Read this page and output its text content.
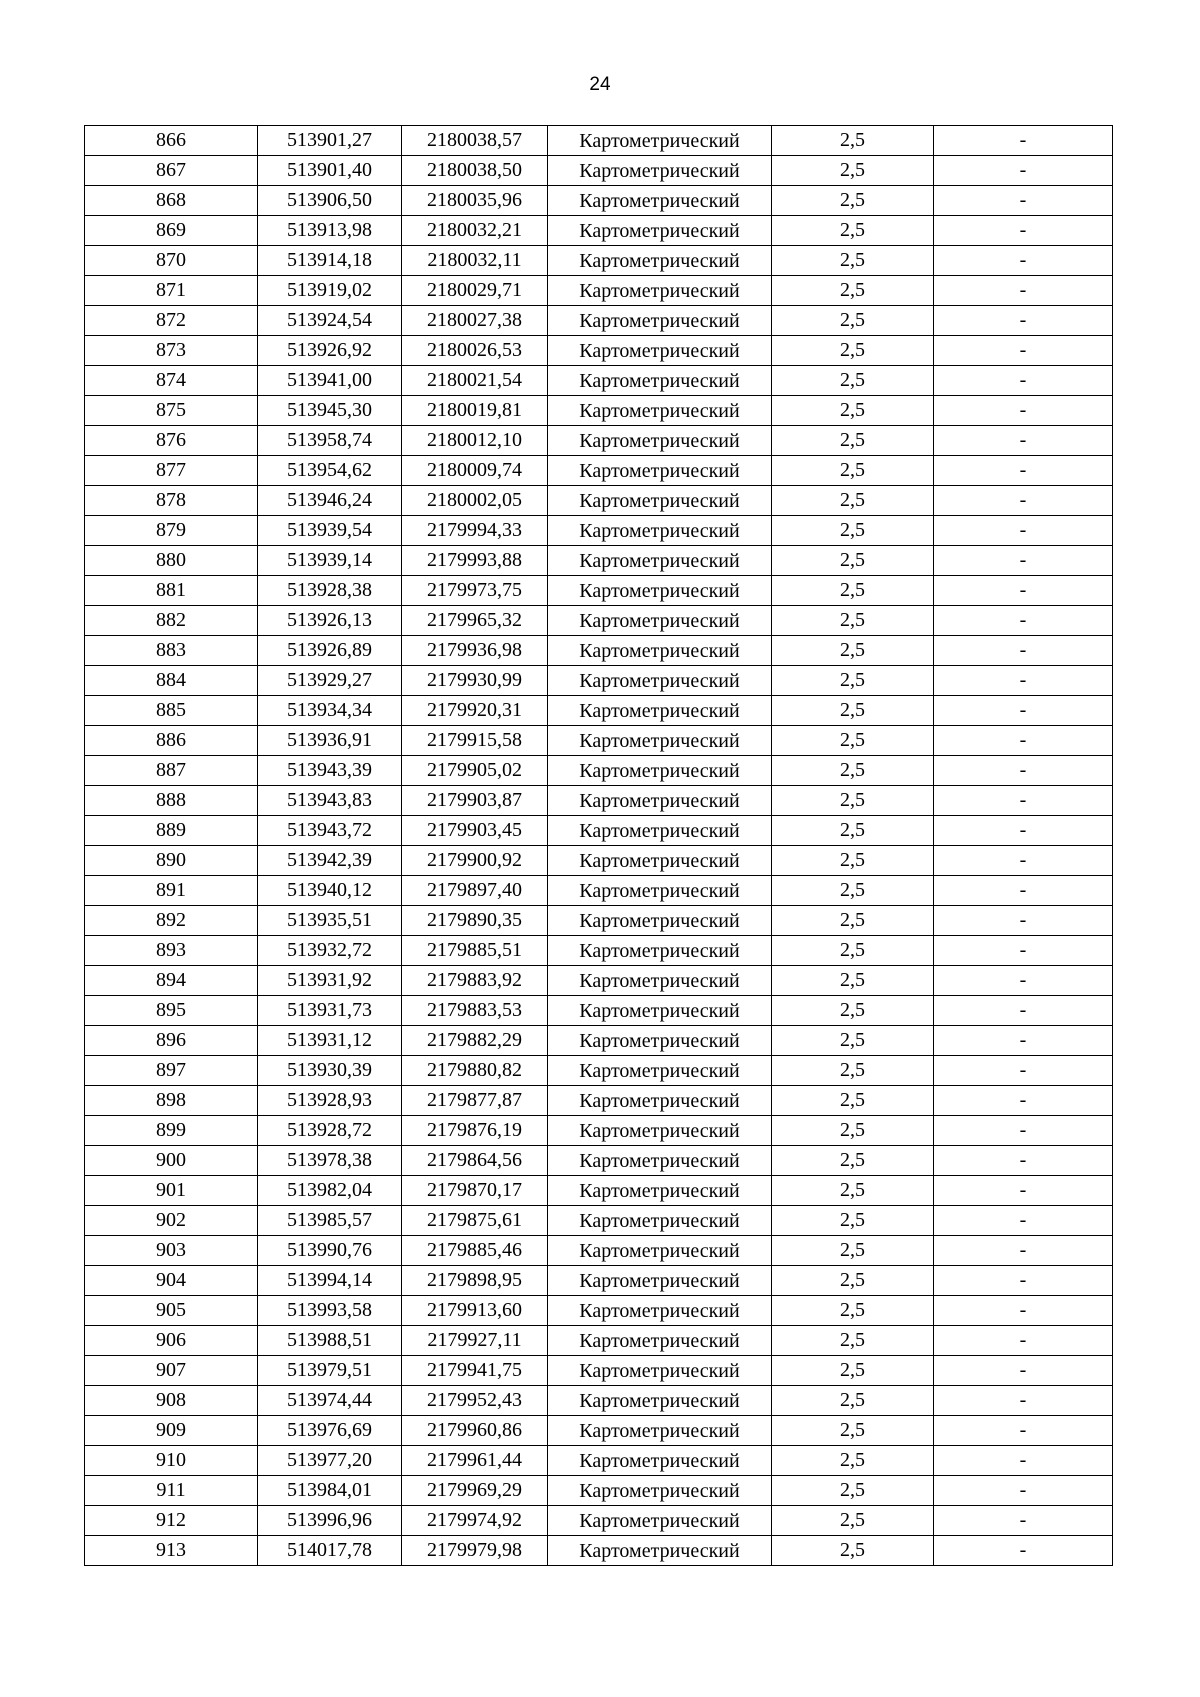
24
866	513901,27	2180038,57	Картометрический	2,5	-
867	513901,40	2180038,50	Картометрический	2,5	-
868	513906,50	2180035,96	Картометрический	2,5	-
869	513913,98	2180032,21	Картометрический	2,5	-
870	513914,18	2180032,11	Картометрический	2,5	-
871	513919,02	2180029,71	Картометрический	2,5	-
872	513924,54	2180027,38	Картометрический	2,5	-
873	513926,92	2180026,53	Картометрический	2,5	-
874	513941,00	2180021,54	Картометрический	2,5	-
875	513945,30	2180019,81	Картометрический	2,5	-
876	513958,74	2180012,10	Картометрический	2,5	-
877	513954,62	2180009,74	Картометрический	2,5	-
878	513946,24	2180002,05	Картометрический	2,5	-
879	513939,54	2179994,33	Картометрический	2,5	-
880	513939,14	2179993,88	Картометрический	2,5	-
881	513928,38	2179973,75	Картометрический	2,5	-
882	513926,13	2179965,32	Картометрический	2,5	-
883	513926,89	2179936,98	Картометрический	2,5	-
884	513929,27	2179930,99	Картометрический	2,5	-
885	513934,34	2179920,31	Картометрический	2,5	-
886	513936,91	2179915,58	Картометрический	2,5	-
887	513943,39	2179905,02	Картометрический	2,5	-
888	513943,83	2179903,87	Картометрический	2,5	-
889	513943,72	2179903,45	Картометрический	2,5	-
890	513942,39	2179900,92	Картометрический	2,5	-
891	513940,12	2179897,40	Картометрический	2,5	-
892	513935,51	2179890,35	Картометрический	2,5	-
893	513932,72	2179885,51	Картометрический	2,5	-
894	513931,92	2179883,92	Картометрический	2,5	-
895	513931,73	2179883,53	Картометрический	2,5	-
896	513931,12	2179882,29	Картометрический	2,5	-
897	513930,39	2179880,82	Картометрический	2,5	-
898	513928,93	2179877,87	Картометрический	2,5	-
899	513928,72	2179876,19	Картометрический	2,5	-
900	513978,38	2179864,56	Картометрический	2,5	-
901	513982,04	2179870,17	Картометрический	2,5	-
902	513985,57	2179875,61	Картометрический	2,5	-
903	513990,76	2179885,46	Картометрический	2,5	-
904	513994,14	2179898,95	Картометрический	2,5	-
905	513993,58	2179913,60	Картометрический	2,5	-
906	513988,51	2179927,11	Картометрический	2,5	-
907	513979,51	2179941,75	Картометрический	2,5	-
908	513974,44	2179952,43	Картометрический	2,5	-
909	513976,69	2179960,86	Картометрический	2,5	-
910	513977,20	2179961,44	Картометрический	2,5	-
911	513984,01	2179969,29	Картометрический	2,5	-
912	513996,96	2179974,92	Картометрический	2,5	-
913	514017,78	2179979,98	Картометрический	2,5	-
